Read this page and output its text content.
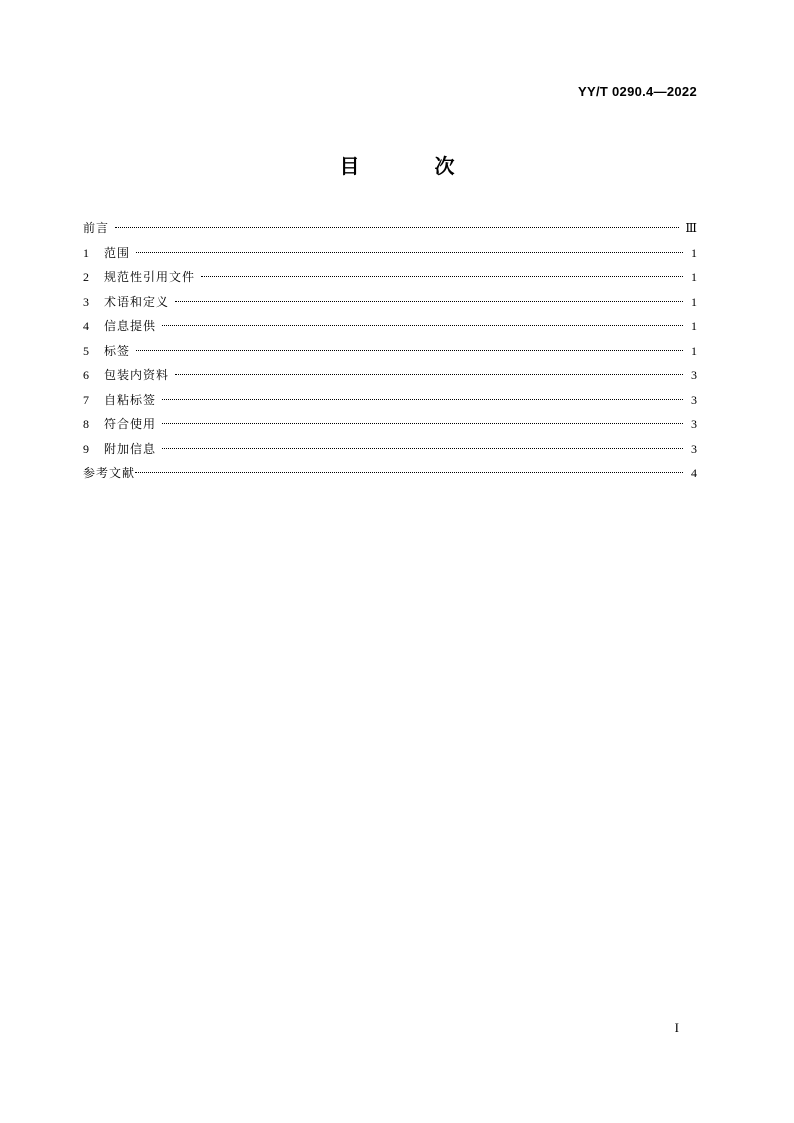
YY/T 0290.4—2022
目 次
前言	Ⅲ
1	范围	1
2	规范性引用文件	1
3	术语和定义	1
4	信息提供	1
5	标签	1
6	包装内资料	3
7	自粘标签	3
8	符合使用	3
9	附加信息	3
参考文献	4
I
